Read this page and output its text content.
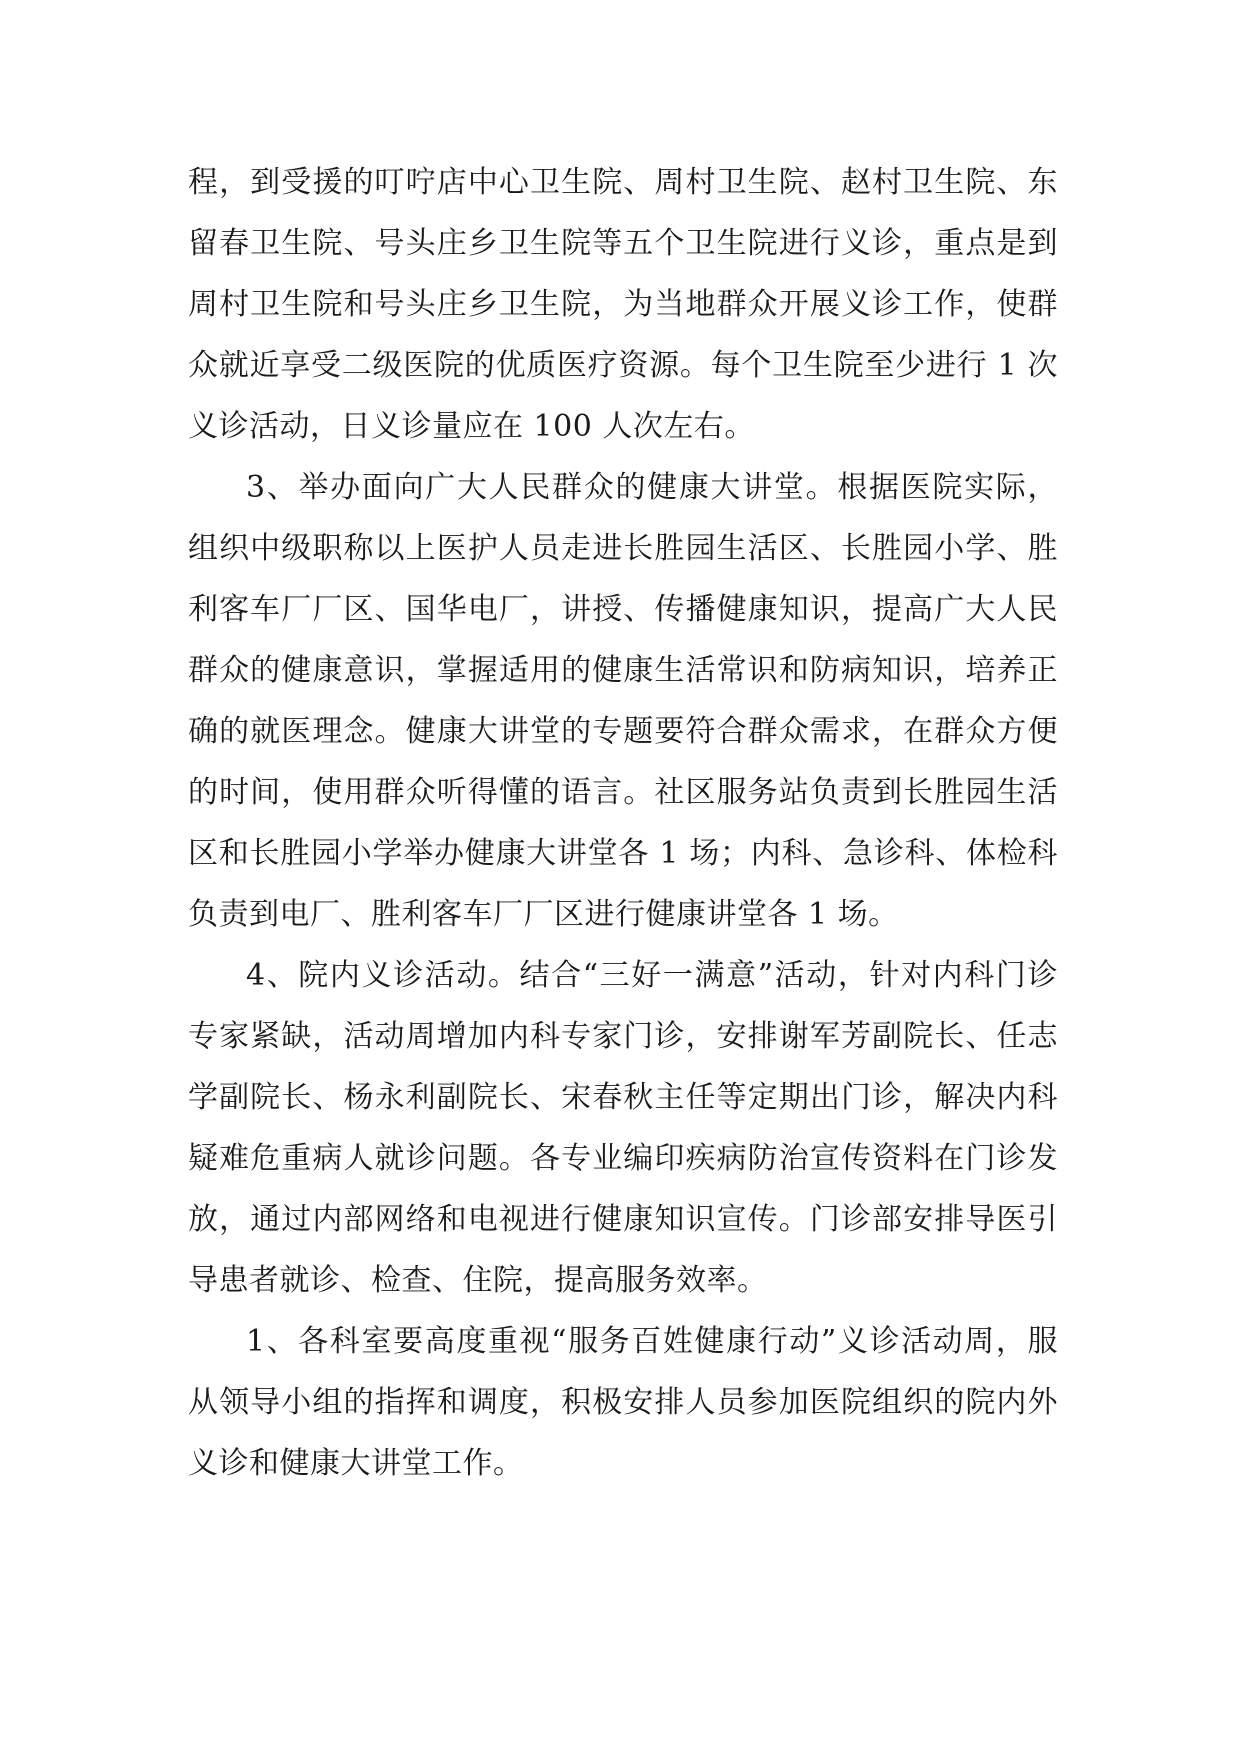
程，到受援的叮咛店中心卫生院、周村卫生院、赵村卫生院、东留春卫生院、号头庄乡卫生院等五个卫生院进行义诊，重点是到周村卫生院和号头庄乡卫生院，为当地群众开展义诊工作，使群众就近享受二级医院的优质医疗资源。每个卫生院至少进行 1 次义诊活动，日义诊量应在 100 人次左右。

3、举办面向广大人民群众的健康大讲堂。根据医院实际，组织中级职称以上医护人员走进长胜园生活区、长胜园小学、胜利客车厂厂区、国华电厂，讲授、传播健康知识，提高广大人民群众的健康意识，掌握适用的健康生活常识和防病知识，培养正确的就医理念。健康大讲堂的专题要符合群众需求，在群众方便的时间，使用群众听得懂的语言。社区服务站负责到长胜园生活区和长胜园小学举办健康大讲堂各 1 场；内科、急诊科、体检科负责到电厂、胜利客车厂厂区进行健康讲堂各 1 场。

4、院内义诊活动。结合“三好一满意”活动，针对内科门诊专家紧缺，活动周增加内科专家门诊，安排谢军芳副院长、任志学副院长、杨永利副院长、宋春秋主任等定期出门诊，解决内科疑难危重病人就诊问题。各专业编印疾病防治宣传资料在门诊发放，通过内部网络和电视进行健康知识宣传。门诊部安排导医引导患者就诊、检查、住院，提高服务效率。

1、各科室要高度重视“服务百姓健康行动”义诊活动周，服从领导小组的指挥和调度，积极安排人员参加医院组织的院内外义诊和健康大讲堂工作。
